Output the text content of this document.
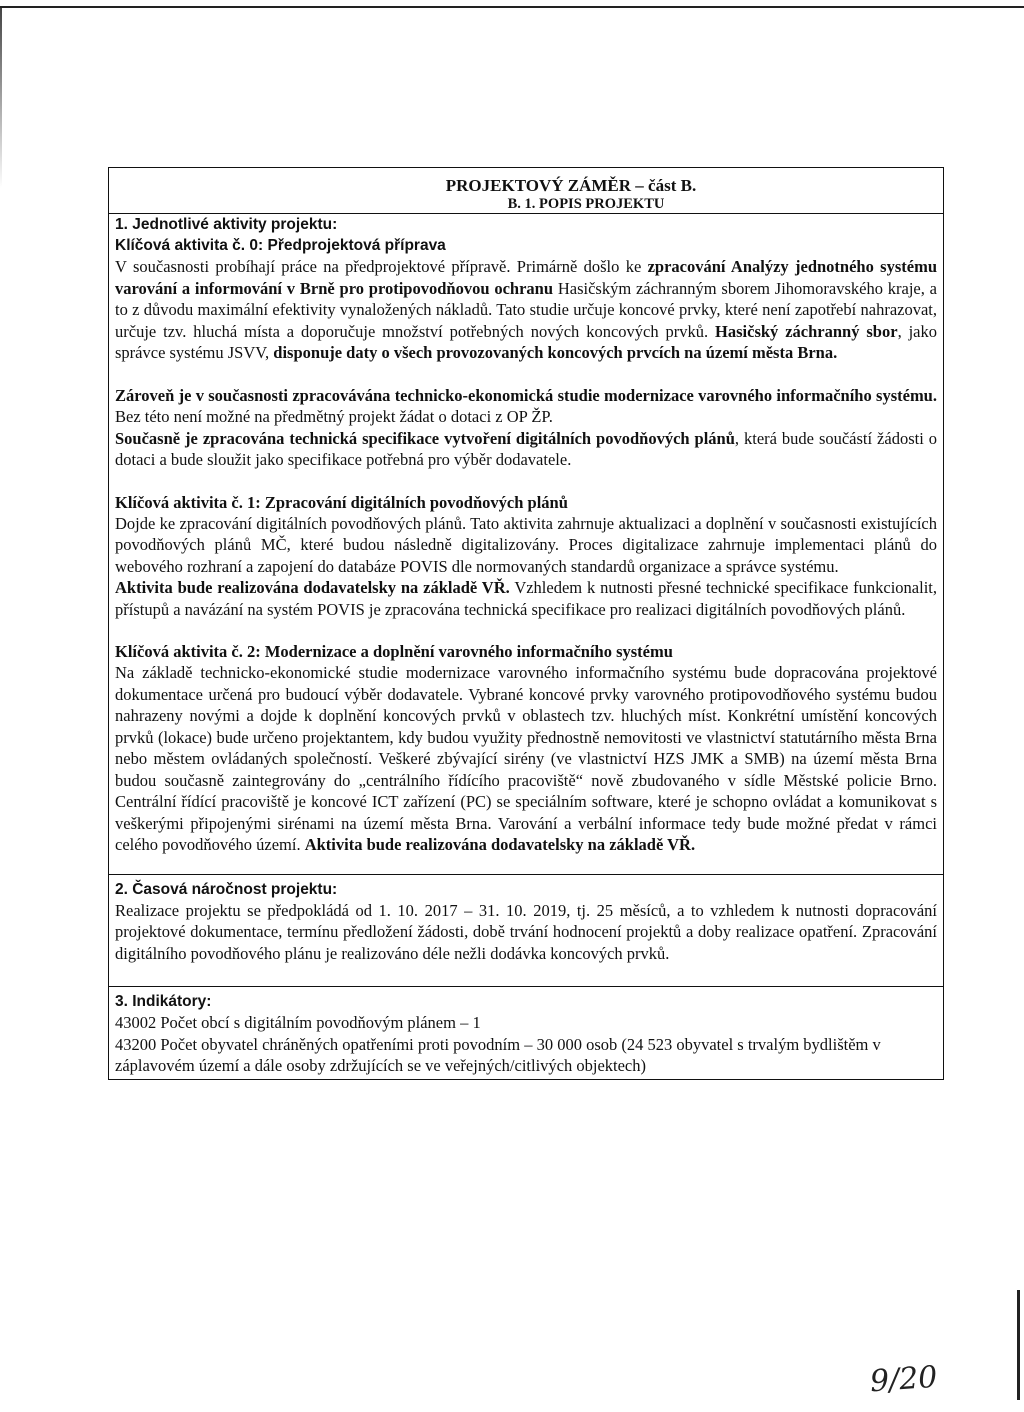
PROJEKTOVÝ ZÁMĚR – část B.
B. 1. POPIS PROJEKTU
1. Jednotlivé aktivity projektu:
Klíčová aktivita č. 0: Předprojektová příprava

V současnosti probíhají práce na předprojektové přípravě. Primárně došlo ke zpracování Analýzy jednotného systému varování a informování v Brně pro protipovodňovou ochranu Hasičským záchranným sborem Jihomoravského kraje, a to z důvodu maximální efektivity vynaložených nákladů. Tato studie určuje koncové prvky, které není zapotřebí nahrazovat, určuje tzv. hluchá místa a doporučuje množství potřebných nových koncových prvků. Hasičský záchranný sbor, jako správce systému JSVV, disponuje daty o všech provozovaných koncových prvcích na území města Brna.

Zároveň je v současnosti zpracovávána technicko-ekonomická studie modernizace varovného informačního systému. Bez této není možné na předmětný projekt žádat o dotaci z OP ŽP.

Současně je zpracována technická specifikace vytvoření digitálních povodňových plánů, která bude součástí žádosti o dotaci a bude sloužit jako specifikace potřebná pro výběr dodavatele.

Klíčová aktivita č. 1: Zpracování digitálních povodňových plánů

Dojde ke zpracování digitálních povodňových plánů. Tato aktivita zahrnuje aktualizaci a doplnění v současnosti existujících povodňových plánů MČ, které budou následně digitalizovány. Proces digitalizace zahrnuje implementaci plánů do webového rozhraní a zapojení do databáze POVIS dle normovaných standardů organizace a správce systému.

Aktivita bude realizována dodavatelsky na základě VŘ. Vzhledem k nutnosti přesné technické specifikace funkcionalit, přístupů a navázání na systém POVIS je zpracována technická specifikace pro realizaci digitálních povodňových plánů.

Klíčová aktivita č. 2: Modernizace a doplnění varovného informačního systému

Na základě technicko-ekonomické studie modernizace varovného informačního systému bude dopracována projektové dokumentace určená pro budoucí výběr dodavatele. Vybrané koncové prvky varovného protipovodňového systému budou nahrazeny novými a dojde k doplnění koncových prvků v oblastech tzv. hluchých míst. Konkrétní umístění koncových prvků (lokace) bude určeno projektantem, kdy budou využity přednostně nemovitosti ve vlastnictví statutárního města Brna nebo městem ovládaných společností. Veškeré zbývající sirény (ve vlastnictví HZS JMK a SMB) na území města Brna budou současně zaintegrovány do „centrálního řídícího pracoviště“ nově zbudovaného v sídle Městské policie Brno. Centrální řídící pracoviště je koncové ICT zařízení (PC) se speciálním software, které je schopno ovládat a komunikovat s veškerými připojenými sirénami na území města Brna. Varování a verbální informace tedy bude možné předat v rámci celého povodňového území. Aktivita bude realizována dodavatelsky na základě VŘ.

2. Časová náročnost projektu:

Realizace projektu se předpokládá od 1. 10. 2017 – 31. 10. 2019, tj. 25 měsíců, a to vzhledem k nutnosti dopracování projektové dokumentace, termínu předložení žádosti, době trvání hodnocení projektů a doby realizace opatření. Zpracování digitálního povodňového plánu je realizováno déle nežli dodávka koncových prvků.

3. Indikátory:

43002 Počet obcí s digitálním povodňovým plánem – 1

43200 Počet obyvatel chráněných opatřeními proti povodním – 30 000 osob (24 523 obyvatel s trvalým bydlištěm v záplavovém území a dále osoby zdržujících se ve veřejných/citlivých objektech)

9/20
